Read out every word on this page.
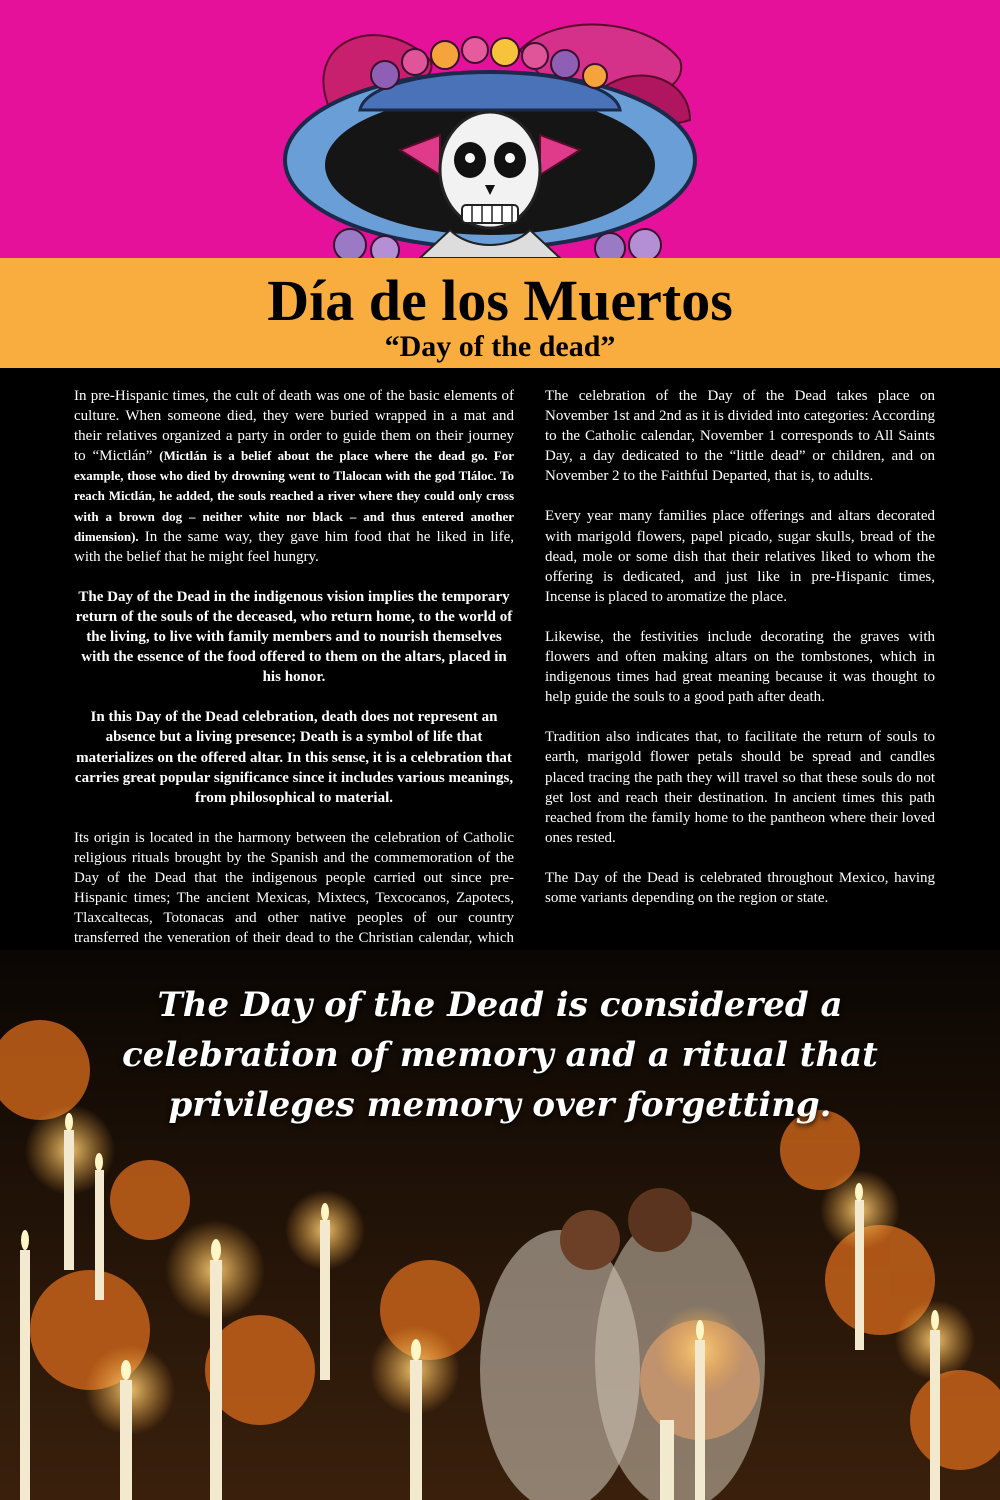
Día de los Muertos

“Day of the dead”

In pre-Hispanic times, the cult of death was one of the basic elements of culture. When someone died, they were buried wrapped in a mat and their relatives organized a party in order to guide them on their journey to “Mictlán” (Mictlán is a belief about the place where the dead go. For example, those who died by drowning went to Tlalocan with the god Tláloc. To reach Mictlán, he added, the souls reached a river where they could only cross with a brown dog – neither white nor black – and thus entered another dimension). In the same way, they gave him food that he liked in life, with the belief that he might feel hungry.

The Day of the Dead in the indigenous vision implies the temporary return of the souls of the deceased, who return home, to the world of the living, to live with family members and to nourish themselves with the essence of the food offered to them on the altars, placed in his honor.

In this Day of the Dead celebration, death does not represent an absence but a living presence; Death is a symbol of life that materializes on the offered altar. In this sense, it is a celebration that carries great popular significance since it includes various meanings, from philosophical to material.

Its origin is located in the harmony between the celebration of Catholic religious rituals brought by the Spanish and the commemoration of the Day of the Dead that the indigenous people carried out since pre-Hispanic times; The ancient Mexicas, Mixtecs, Texcocanos, Zapotecs, Tlaxcaltecas, Totonacas and other native peoples of our country transferred the veneration of their dead to the Christian calendar, which

The celebration of the Day of the Dead takes place on November 1st and 2nd as it is divided into categories: According to the Catholic calendar, November 1 corresponds to All Saints Day, a day dedicated to the “little dead” or children, and on November 2 to the Faithful Departed, that is, to adults.

Every year many families place offerings and altars decorated with marigold flowers, papel picado, sugar skulls, bread of the dead, mole or some dish that their relatives liked to whom the offering is dedicated, and just like in pre-Hispanic times, Incense is placed to aromatize the place.

Likewise, the festivities include decorating the graves with flowers and often making altars on the tombstones, which in indigenous times had great meaning because it was thought to help guide the souls to a good path after death.

Tradition also indicates that, to facilitate the return of souls to earth, marigold flower petals should be spread and candles placed tracing the path they will travel so that these souls do not get lost and reach their destination. In ancient times this path reached from the family home to the pantheon where their loved ones rested.

The Day of the Dead is celebrated throughout Mexico, having some variants depending on the region or state.

The Day of the Dead is considered a celebration of memory and a ritual that privileges memory over forgetting.
